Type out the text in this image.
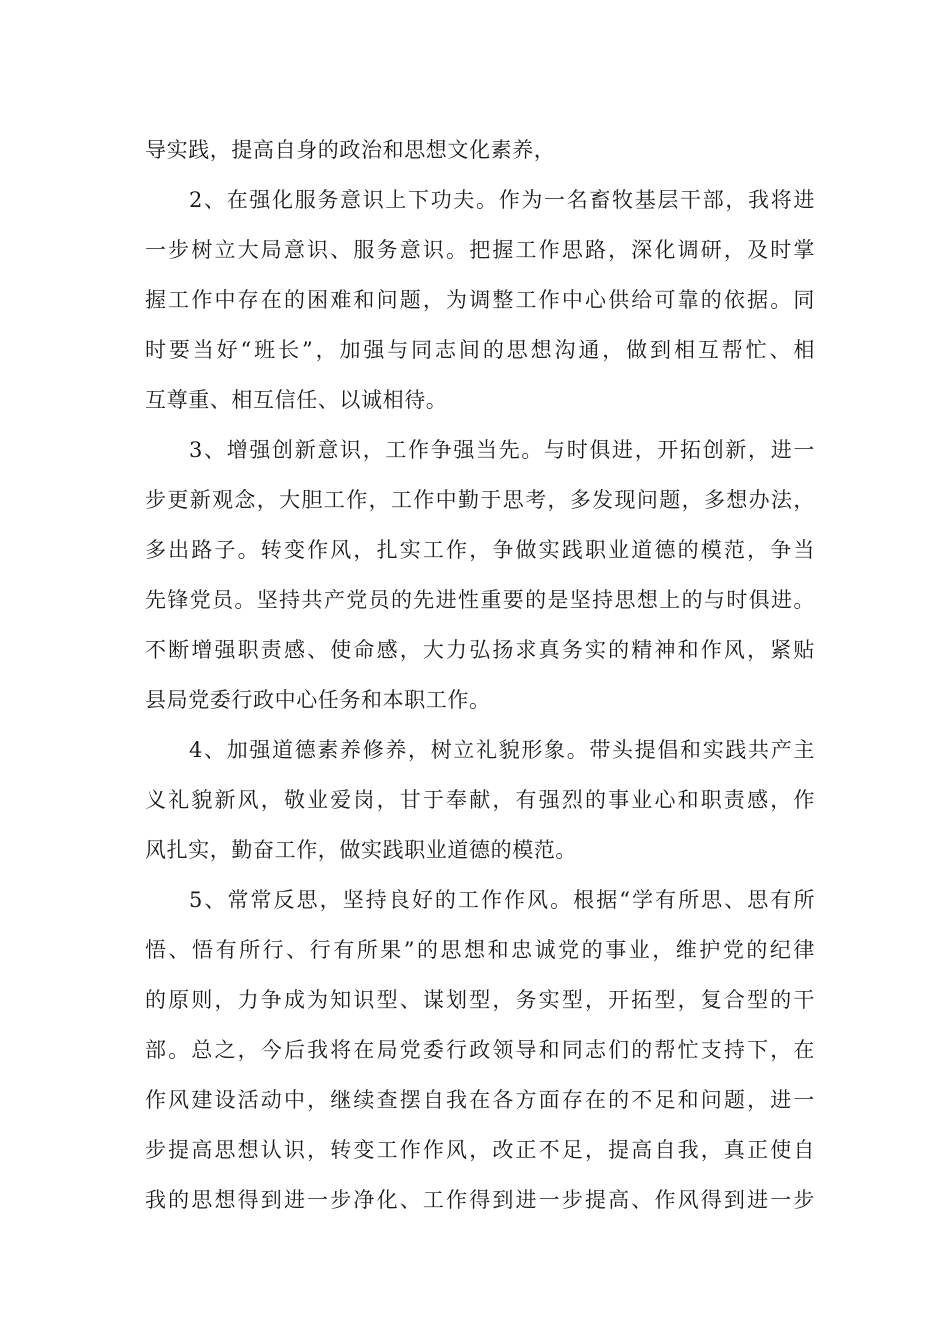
导实践，提高自身的政治和思想文化素养，
2、在强化服务意识上下功夫。作为一名畜牧基层干部，我将进
一步树立大局意识、服务意识。把握工作思路，深化调研，及时掌
握工作中存在的困难和问题，为调整工作中心供给可靠的依据。同
时要当好“班长”，加强与同志间的思想沟通，做到相互帮忙、相
互尊重、相互信任、以诚相待。
3、增强创新意识，工作争强当先。与时俱进，开拓创新，进一
步更新观念，大胆工作，工作中勤于思考，多发现问题，多想办法，
多出路子。转变作风，扎实工作，争做实践职业道德的模范，争当
先锋党员。坚持共产党员的先进性重要的是坚持思想上的与时俱进。
不断增强职责感、使命感，大力弘扬求真务实的精神和作风，紧贴
县局党委行政中心任务和本职工作。
4、加强道德素养修养，树立礼貌形象。带头提倡和实践共产主
义礼貌新风，敬业爱岗，甘于奉献，有强烈的事业心和职责感，作
风扎实，勤奋工作，做实践职业道德的模范。
5、常常反思，坚持良好的工作作风。根据“学有所思、思有所
悟、悟有所行、行有所果”的思想和忠诚党的事业，维护党的纪律
的原则，力争成为知识型、谋划型，务实型，开拓型，复合型的干
部。总之，今后我将在局党委行政领导和同志们的帮忙支持下，在
作风建设活动中，继续查摆自我在各方面存在的不足和问题，进一
步提高思想认识，转变工作作风，改正不足，提高自我，真正使自
我的思想得到进一步净化、工作得到进一步提高、作风得到进一步
